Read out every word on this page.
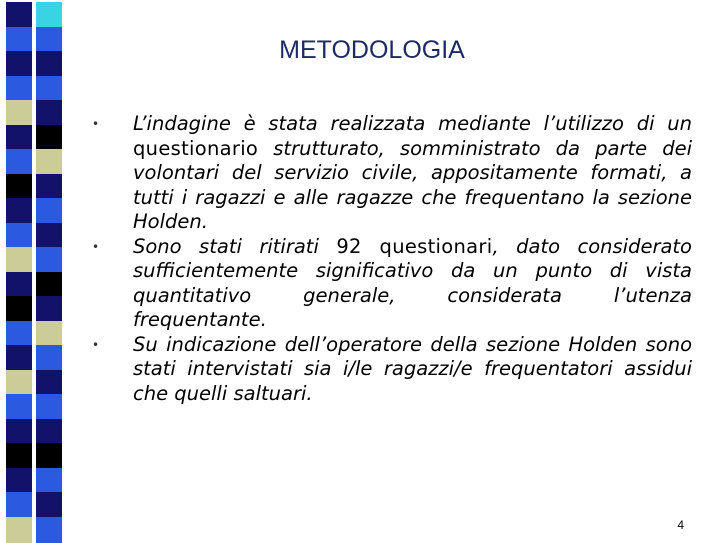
METODOLOGIA
• L’indagine è stata realizzata mediante l’utilizzo di un questionario strutturato, somministrato da parte dei volontari del servizio civile, appositamente formati, a tutti i ragazzi e alle ragazze che frequentano la sezione Holden.
• Sono stati ritirati 92 questionari, dato considerato sufficientemente significativo da un punto di vista quantitativo generale, considerata l’utenza frequentante.
• Su indicazione dell’operatore della sezione Holden sono stati intervistati sia i/le ragazzi/e frequentatori assidui che quelli saltuari.
4
